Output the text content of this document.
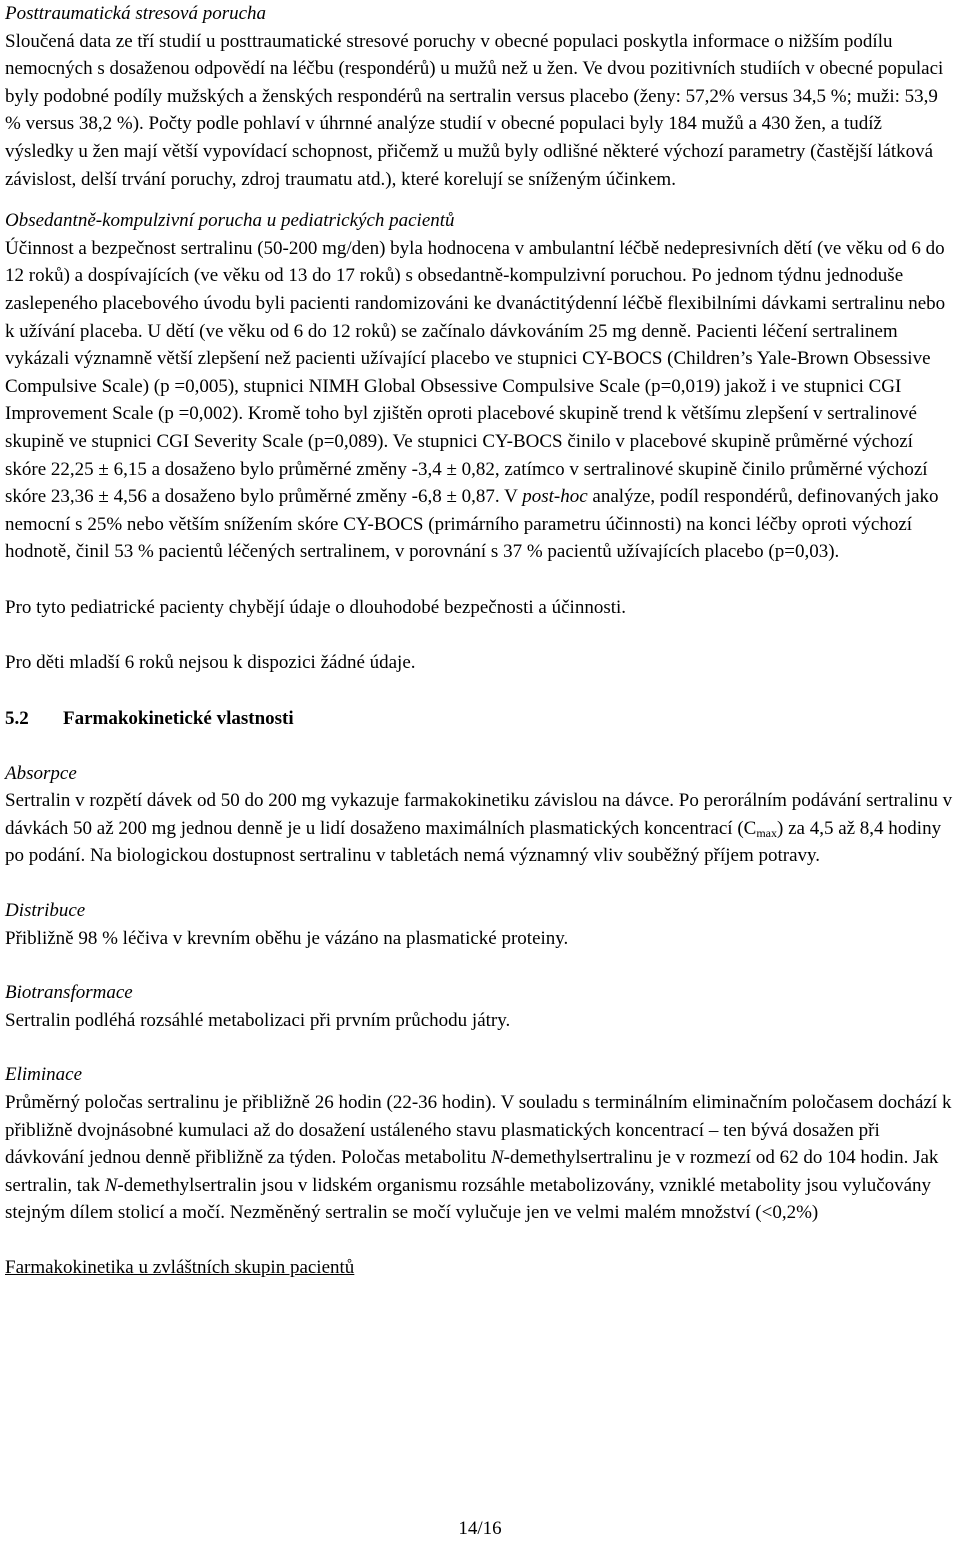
Posttraumatická stresová porucha

Sloučená data ze tří studií u posttraumatické stresové poruchy v obecné populaci poskytla informace o nižším podílu nemocných s dosaženou odpovědí na léčbu (respondérů) u mužů než u žen. Ve dvou pozitivních studiích v obecné populaci byly podobné podíly mužských a ženských respondérů na sertralin versus placebo (ženy: 57,2% versus 34,5 %; muži: 53,9 % versus 38,2 %). Počty podle pohlaví v úhrnné analýze studií v obecné populaci byly 184 mužů a 430 žen, a tudíž výsledky u žen mají větší vypovídací schopnost, přičemž u mužů byly odlišné některé výchozí parametry (častější látková závislost, delší trvání poruchy, zdroj traumatu atd.), které korelují se sníženým účinkem.

Obsedantně-kompulzivní porucha u pediatrických pacientů

Účinnost a bezpečnost sertralinu (50-200 mg/den) byla hodnocena v ambulantní léčbě nedepresivních dětí (ve věku od 6 do 12 roků) a dospívajících (ve věku od 13 do 17 roků) s obsedantně-kompulzivní poruchou. Po jednom týdnu jednoduše zaslepeného placebového úvodu byli pacienti randomizováni ke dvanáctitýdenní léčbě flexibilními dávkami sertralinu nebo k užívání placeba. U dětí (ve věku od 6 do 12 roků) se začínalo dávkováním 25 mg denně. Pacienti léčení sertralinem vykázali významně větší zlepšení než pacienti užívající placebo ve stupnici CY-BOCS (Children’s Yale-Brown Obsessive Compulsive Scale) (p =0,005), stupnici NIMH Global Obsessive Compulsive Scale (p=0,019) jakož i ve stupnici CGI Improvement Scale (p =0,002). Kromě toho byl zjištěn oproti placebové skupině trend k většímu zlepšení v sertralinové skupině ve stupnici CGI Severity Scale (p=0,089). Ve stupnici CY-BOCS činilo v placebové skupině průměrné výchozí skóre 22,25 ± 6,15 a dosaženo bylo průměrné změny -3,4 ± 0,82, zatímco v sertralinové skupině činilo průměrné výchozí skóre 23,36 ± 4,56 a dosaženo bylo průměrné změny -6,8 ± 0,87. V post-hoc analýze, podíl respondérů, definovaných jako nemocní s 25% nebo větším snížením skóre CY-BOCS (primárního parametru účinnosti) na konci léčby oproti výchozí hodnotě, činil 53 % pacientů léčených sertralinem, v porovnání s 37 % pacientů užívajících placebo (p=0,03).

Pro tyto pediatrické pacienty chybějí údaje o dlouhodobé bezpečnosti a účinnosti.

Pro děti mladší 6 roků nejsou k dispozici žádné údaje.

5.2	Farmakokinetické vlastnosti

Absorpce

Sertralin v rozpětí dávek od 50 do 200 mg vykazuje farmakokinetiku závislou na dávce. Po perorálním podávání sertralinu v dávkách 50 až 200 mg jednou denně je u lidí dosaženo maximálních plasmatických koncentrací $(C_{max})$ za 4,5 až 8,4 hodiny po podání. Na biologickou dostupnost sertralinu v tabletách nemá významný vliv souběžný příjem potravy.

Distribuce

Přibližně 98 % léčiva v krevním oběhu je vázáno na plasmatické proteiny.

Biotransformace

Sertralin podléhá rozsáhlé metabolizaci při prvním průchodu játry.

Eliminace

Průměrný poločas sertralinu je přibližně 26 hodin (22-36 hodin). V souladu s terminálním eliminačním poločasem dochází k přibližně dvojnásobné kumulaci až do dosažení ustáleného stavu plasmatických koncentrací – ten bývá dosažen při dávkování jednou denně přibližně za týden. Poločas metabolitu N-demethylsertralinu je v rozmezí od 62 do 104 hodin. Jak sertralin, tak N-demethylsertralin jsou v lidském organismu rozsáhle metabolizovány, vzniklé metabolity jsou vylučovány stejným dílem stolicí a močí. Nezměněný sertralin se močí vylučuje jen ve velmi malém množství (<0,2%)

Farmakokinetika u zvláštních skupin pacientů

14/16
